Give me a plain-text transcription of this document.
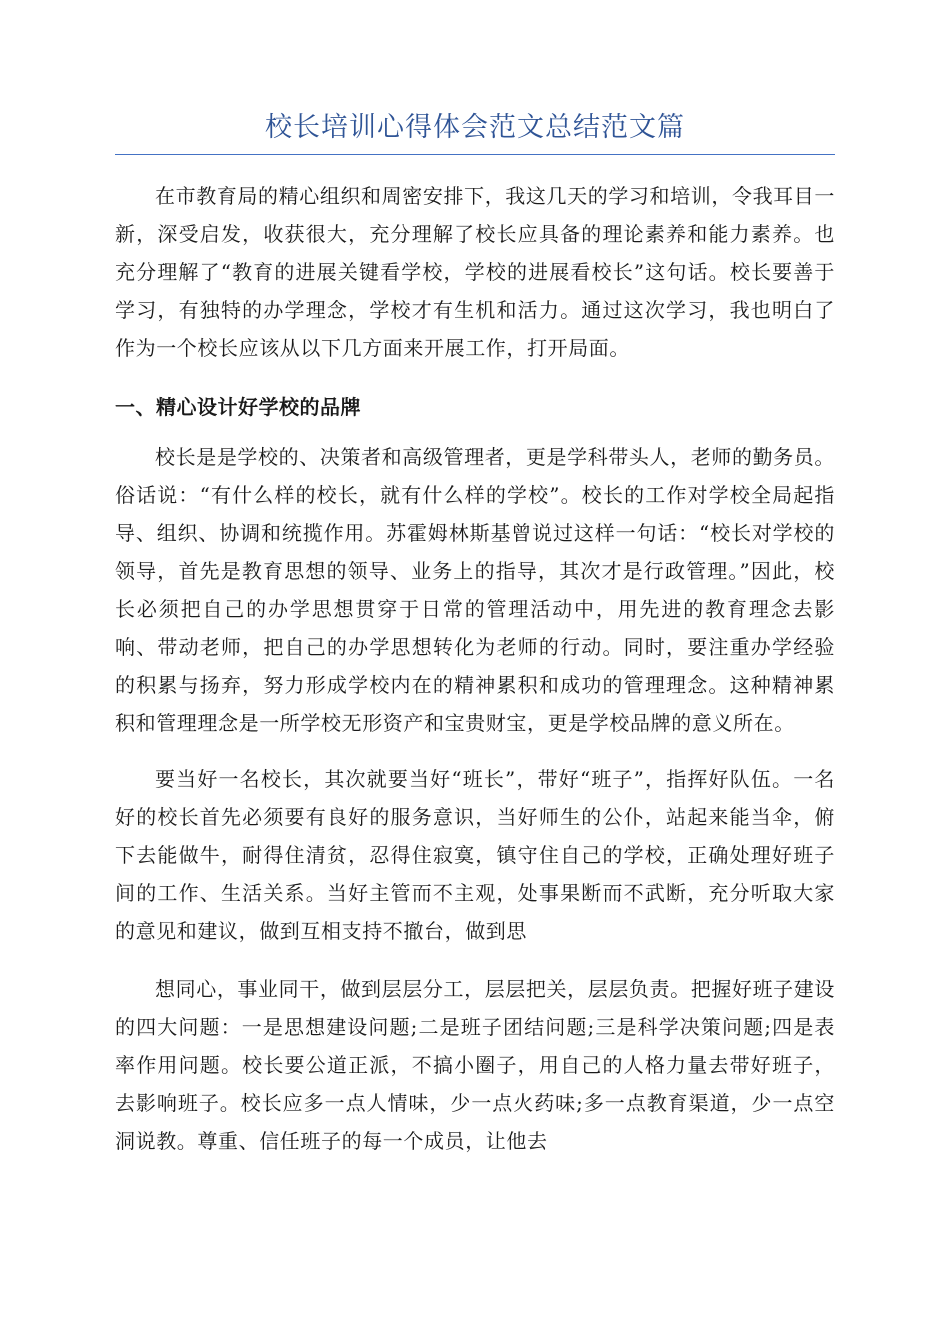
校长培训心得体会范文总结范文篇

在市教育局的精心组织和周密安排下，我这几天的学习和培训，令我耳目一新，深受启发，收获很大，充分理解了校长应具备的理论素养和能力素养。也充分理解了“教育的进展关键看学校，学校的进展看校长”这句话。校长要善于学习，有独特的办学理念，学校才有生机和活力。通过这次学习，我也明白了作为一个校长应该从以下几方面来开展工作，打开局面。

一、精心设计好学校的品牌

校长是是学校的、决策者和高级管理者，更是学科带头人，老师的勤务员。俗话说：“有什么样的校长，就有什么样的学校”。校长的工作对学校全局起指导、组织、协调和统揽作用。苏霍姆林斯基曾说过这样一句话：“校长对学校的领导，首先是教育思想的领导、业务上的指导，其次才是行政管理。”因此，校长必须把自己的办学思想贯穿于日常的管理活动中，用先进的教育理念去影响、带动老师，把自己的办学思想转化为老师的行动。同时，要注重办学经验的积累与扬弃，努力形成学校内在的精神累积和成功的管理理念。这种精神累积和管理理念是一所学校无形资产和宝贵财宝，更是学校品牌的意义所在。

要当好一名校长，其次就要当好“班长”，带好“班子”，指挥好队伍。一名好的校长首先必须要有良好的服务意识，当好师生的公仆，站起来能当伞，俯下去能做牛，耐得住清贫，忍得住寂寞，镇守住自己的学校，正确处理好班子间的工作、生活关系。当好主管而不主观，处事果断而不武断，充分听取大家的意见和建议，做到互相支持不撤台，做到思

想同心，事业同干，做到层层分工，层层把关，层层负责。把握好班子建设的四大问题：一是思想建设问题;二是班子团结问题;三是科学决策问题;四是表率作用问题。校长要公道正派，不搞小圈子，用自己的人格力量去带好班子，去影响班子。校长应多一点人情味，少一点火药味;多一点教育渠道，少一点空洞说教。尊重、信任班子的每一个成员，让他去
